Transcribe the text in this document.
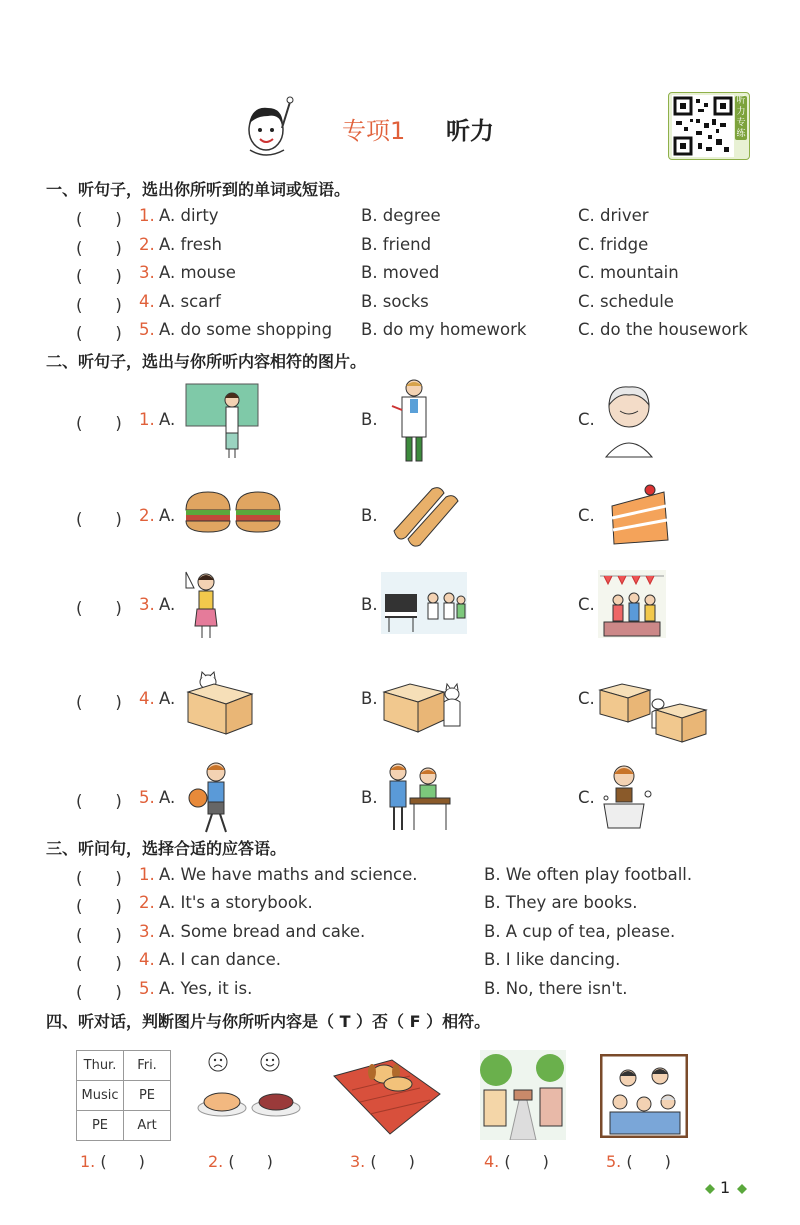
专项1 听力
听力专练
一、听句子，选出你所听到的单词或短语。
(　　) 1. A. dirty	B. degree	C. driver
(　　) 2. A. fresh	B. friend	C. fridge
(　　) 3. A. mouse	B. moved	C. mountain
(　　) 4. A. scarf	B. socks	C. schedule
(　　) 5. A. do some shopping B. do my homework	C. do the housework
二、听句子，选出与你所听内容相符的图片。
(　　) 1. A.	B.	C.
(　　) 2. A.	B.	C.
(　　) 3. A.	B.	C.
(　　) 4. A.	B.	C.
(　　) 5. A.	B.	C.
三、听问句，选择合适的应答语。
(　　) 1. A. We have maths and science.	B. We often play football.
(　　) 2. A. It's a storybook.	B. They are books.
(　　) 3. A. Some bread and cake.	B. A cup of tea, please.
(　　) 4. A. I can dance.	B. I like dancing.
(　　) 5. A. Yes, it is.	B. No, there isn't.
四、听对话，判断图片与你所听内容是（ T ）否（ F ）相符。
Thur.	Fri.
Music	PE
PE	Art
1. (　　)	2. (　　)	3. (　　)	4. (　　)	5. (　　)
1
